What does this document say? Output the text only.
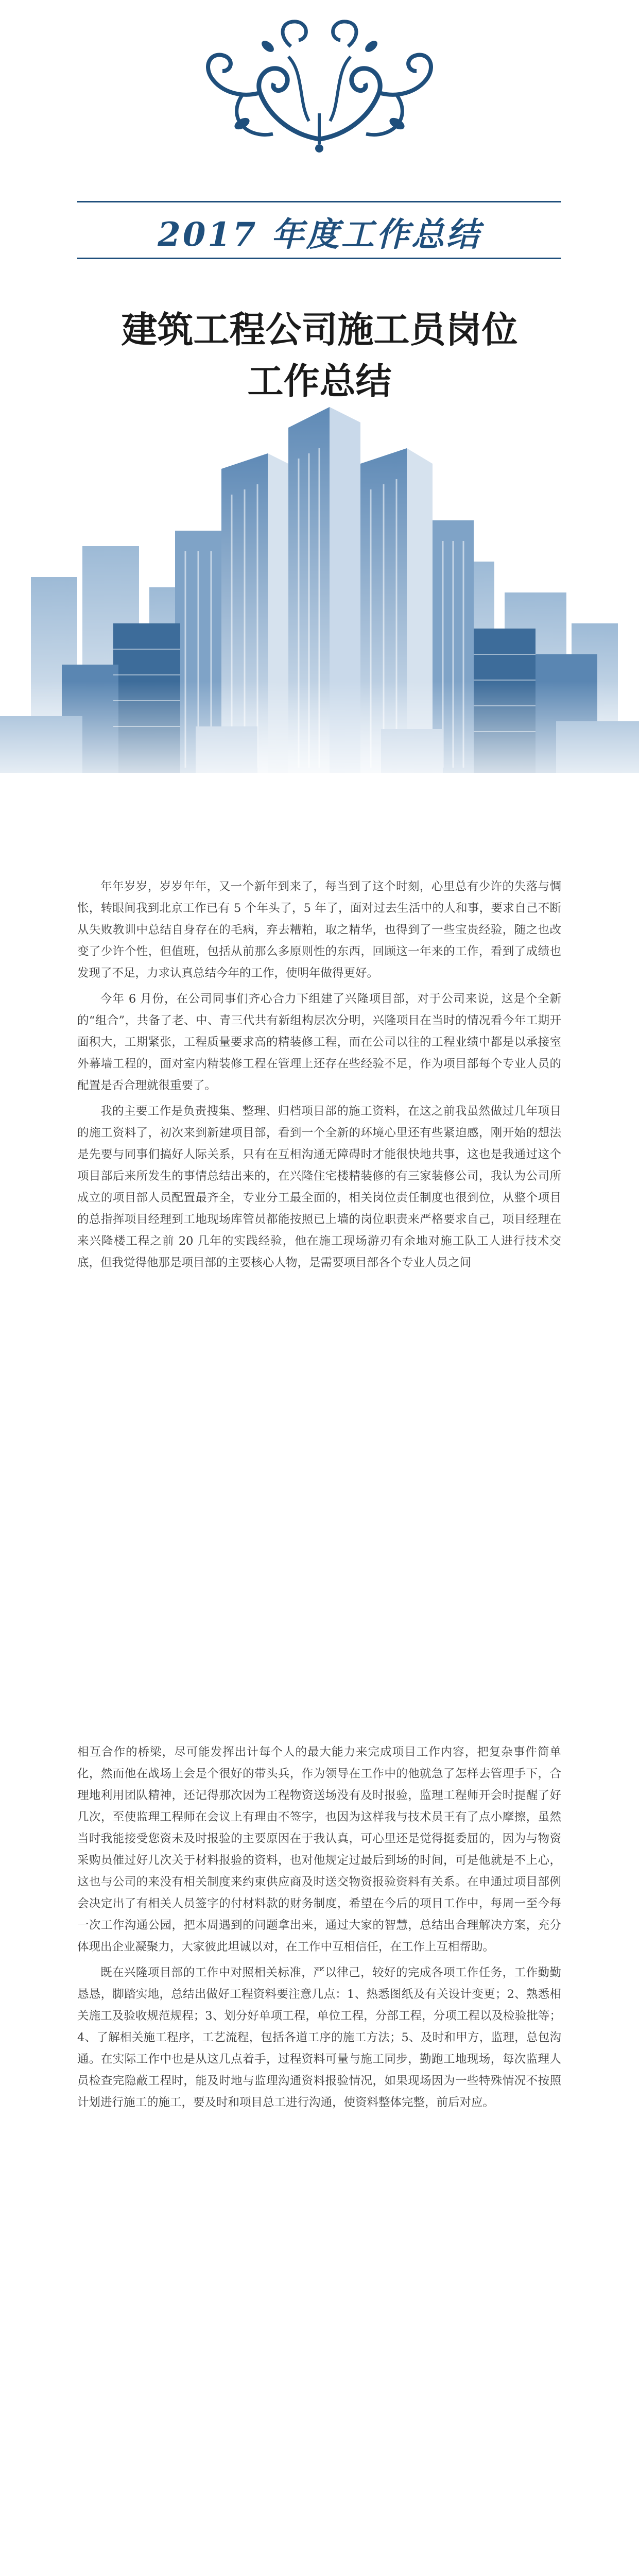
2017 年度工作总结
建筑工程公司施工员岗位
工作总结

年年岁岁，岁岁年年，又一个新年到来了，每当到了这个时刻，心里总有少许的失落与惆怅，转眼间我到北京工作已有 5 个年头了，5 年了，面对过去生活中的人和事，要求自己不断从失败教训中总结自身存在的毛病，弃去糟粕，取之精华，也得到了一些宝贵经验，随之也改变了少许个性，但值班，包括从前那么多原则性的东西，回顾这一年来的工作，看到了成绩也发现了不足，力求认真总结今年的工作，使明年做得更好。

今年 6 月份，在公司同事们齐心合力下组建了兴隆项目部，对于公司来说，这是个全新的“组合”，共备了老、中、青三代共有新组构层次分明，兴隆项目在当时的情况看今年工期开面积大，工期紧张，工程质量要求高的精装修工程，而在公司以往的工程业绩中都是以承接室外幕墙工程的，面对室内精装修工程在管理上还存在些经验不足，作为项目部每个专业人员的配置是否合理就很重要了。

我的主要工作是负责搜集、整理、归档项目部的施工资料，在这之前我虽然做过几年项目的施工资料了，初次来到新建项目部，看到一个全新的环境心里还有些紧迫感，刚开始的想法是先要与同事们搞好人际关系，只有在互相沟通无障碍时才能很快地共事，这也是我通过这个项目部后来所发生的事情总结出来的，在兴隆住宅楼精装修的有三家装修公司，我认为公司所成立的项目部人员配置最齐全，专业分工最全面的，相关岗位责任制度也很到位，从整个项目的总指挥项目经理到工地现场库管员都能按照已上墙的岗位职责来严格要求自己，项目经理在来兴隆楼工程之前 20 几年的实践经验，他在施工现场游刃有余地对施工队工人进行技术交底，但我觉得他那是项目部的主要核心人物，是需要项目部各个专业人员之间

相互合作的桥梁，尽可能发挥出计每个人的最大能力来完成项目工作内容，把复杂事件简单化，然而他在战场上会是个很好的带头兵，作为领导在工作中的他就急了怎样去管理手下，合理地利用团队精神，还记得那次因为工程物资送场没有及时报验，监理工程师开会时提醒了好几次，至使监理工程师在会议上有理由不签字，也因为这样我与技术员王有了点小摩擦，虽然当时我能接受您资未及时报验的主要原因在于我认真，可心里还是觉得挺委屈的，因为与物资采购员催过好几次关于材料报验的资料，也对他规定过最后到场的时间，可是他就是不上心，这也与公司的来没有相关制度来约束供应商及时送交物资报验资料有关系。在申通过项目部例会决定出了有相关人员签字的付材料款的财务制度，希望在今后的项目工作中，每周一至今每一次工作沟通公园，把本周遇到的问题拿出来，通过大家的智慧，总结出合理解决方案，充分体现出企业凝聚力，大家彼此坦诚以对，在工作中互相信任，在工作上互相帮助。

既在兴隆项目部的工作中对照相关标准，严以律己，较好的完成各项工作任务，工作勤勤恳恳，脚踏实地，总结出做好工程资料要注意几点：1、热悉图纸及有关设计变更；2、熟悉相关施工及验收规范规程；3、划分好单项工程，单位工程，分部工程，分项工程以及检验批等；4、了解相关施工程序，工艺流程，包括各道工序的施工方法；5、及时和甲方，监理，总包沟通。在实际工作中也是从这几点着手，过程资料可量与施工同步，勤跑工地现场，每次监理人员检查完隐蔽工程时，能及时地与监理沟通资料报验情况，如果现场因为一些特殊情况不按照计划进行施工的施工，要及时和项目总工进行沟通，使资料整体完整，前后对应。
